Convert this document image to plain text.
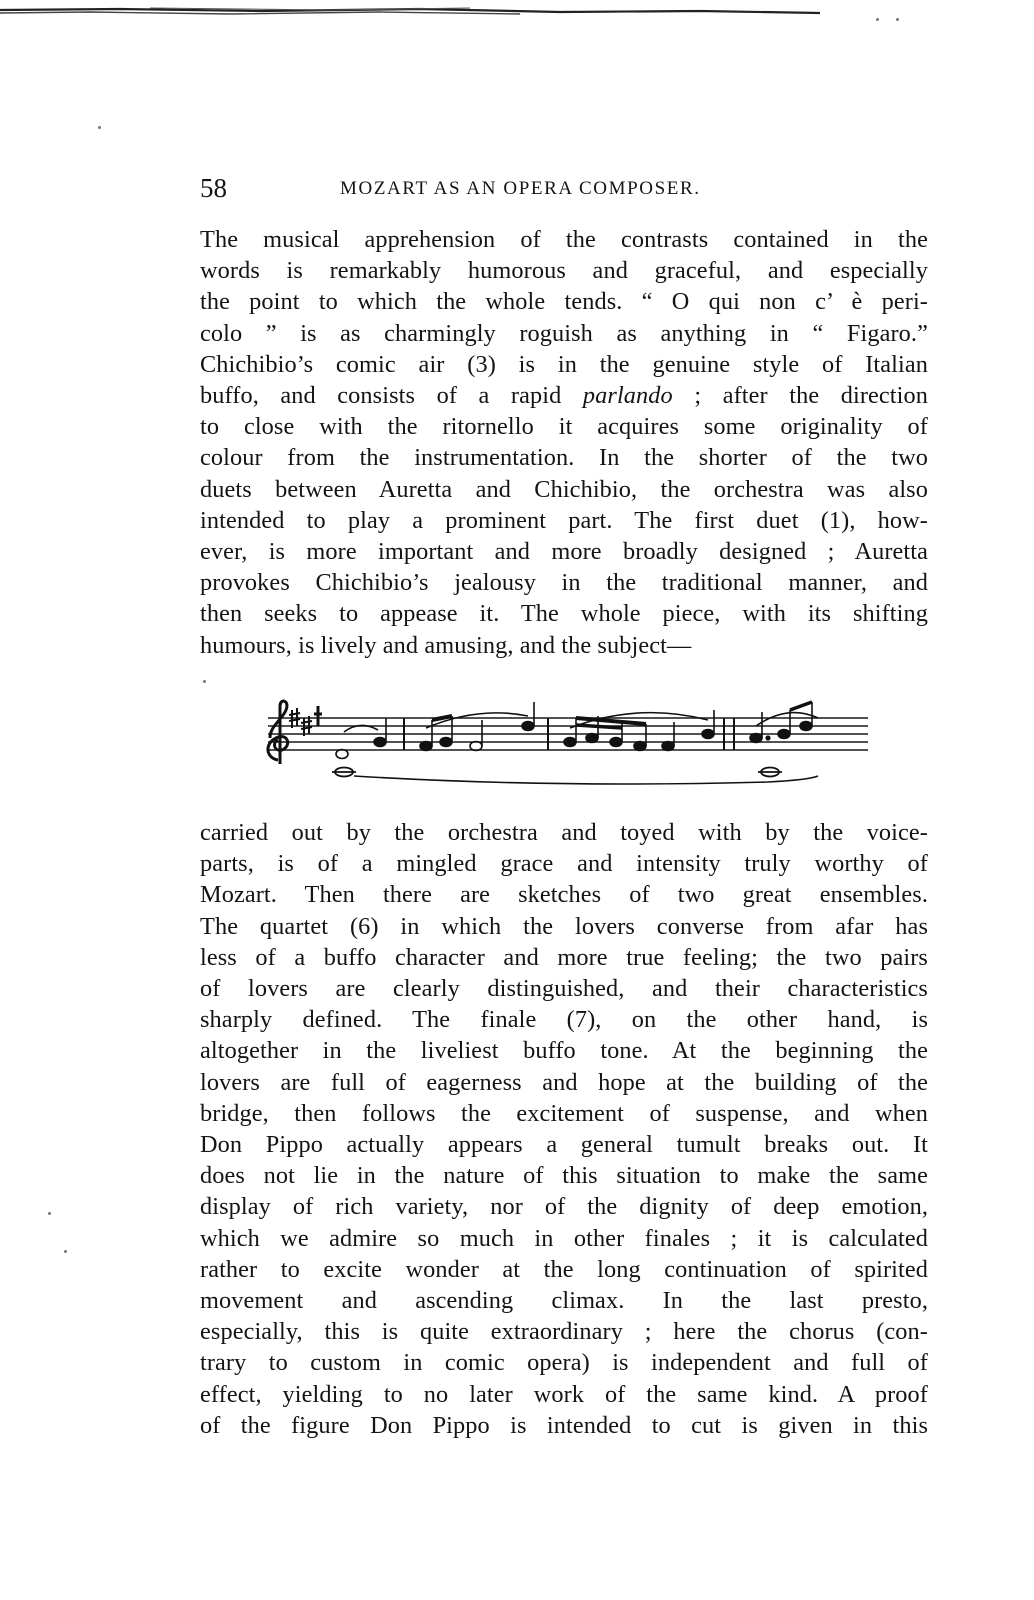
58	MOZART AS AN OPERA COMPOSER.

The musical apprehension of the contrasts contained in the
words is remarkably humorous and graceful, and especially
the point to which the whole tends. “ O qui non c’ è peri-
colo ” is as charmingly roguish as anything in “ Figaro.”
Chichibio’s comic air (3) is in the genuine style of Italian
buffo, and consists of a rapid parlando ; after the direction
to close with the ritornello it acquires some originality of
colour from the instrumentation. In the shorter of the two
duets between Auretta and Chichibio, the orchestra was also
intended to play a prominent part. The first duet (1), how-
ever, is more important and more broadly designed ; Auretta
provokes Chichibio’s jealousy in the traditional manner, and
then seeks to appease it. The whole piece, with its shifting
humours, is lively and amusing, and the subject—

carried out by the orchestra and toyed with by the voice-
parts, is of a mingled grace and intensity truly worthy of
Mozart. Then there are sketches of two great ensembles.
The quartet (6) in which the lovers converse from afar has
less of a buffo character and more true feeling; the two pairs
of lovers are clearly distinguished, and their characteristics
sharply defined. The finale (7), on the other hand, is
altogether in the liveliest buffo tone. At the beginning the
lovers are full of eagerness and hope at the building of the
bridge, then follows the excitement of suspense, and when
Don Pippo actually appears a general tumult breaks out. It
does not lie in the nature of this situation to make the same
display of rich variety, nor of the dignity of deep emotion,
which we admire so much in other finales ; it is calculated
rather to excite wonder at the long continuation of spirited
movement and ascending climax. In the last presto,
especially, this is quite extraordinary ; here the chorus (con-
trary to custom in comic opera) is independent and full of
effect, yielding to no later work of the same kind. A proof
of the figure Don Pippo is intended to cut is given in this
